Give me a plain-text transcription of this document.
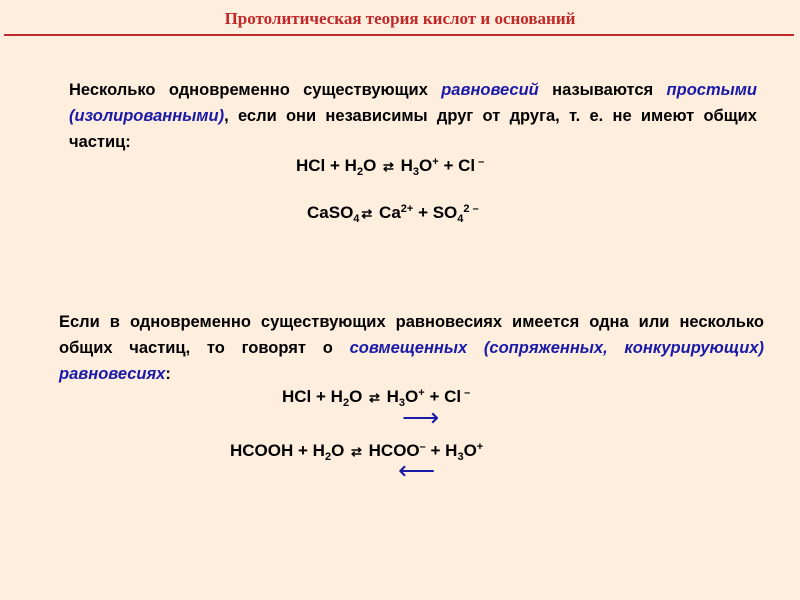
Протолитическая теория кислот и оснований
Несколько одновременно существующих равновесий называются простыми (изолированными), если они независимы друг от друга, т. е. не имеют общих частиц:
HCl + $H_2O$ ⇄ $H_3O^+ + Cl$ –
CaSO$_4$ ⇄ $Ca^{2+} + SO_4^{2 -}$
Если в одновременно существующих равновесиях имеется одна или несколько общих частиц, то говорят о совмещенных (сопряженных, конкурирующих) равновесиях:
HCl + $H_2O$ ⇄ $H_3O^+ + Cl$ –
⟶
HCOOH + $H_2O$ ⇄ HCOO– + $H_3O^+$
⟵
